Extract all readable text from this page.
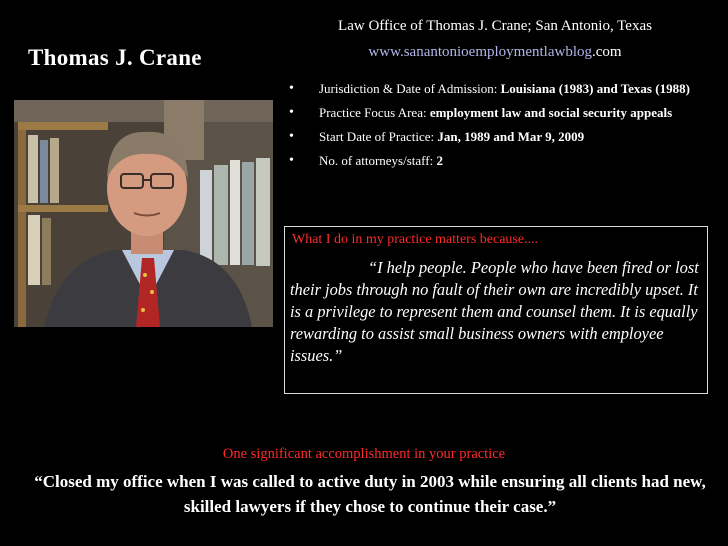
Law Office of Thomas J. Crane; San Antonio, Texas
www.sanantonioemploymentlawblog.com
Thomas J. Crane
• Jurisdiction & Date of Admission: Louisiana (1983) and Texas (1988)
• Practice Focus Area: employment law and social security appeals
• Start Date of Practice: Jan, 1989 and Mar 9, 2009
• No. of attorneys/staff: 2
What I do in my practice matters because....
“I help people. People who have been fired or lost their jobs through no fault of their own are incredibly upset. It is a privilege to represent them and counsel them. It is equally rewarding to assist small business owners with employee issues.”
One significant accomplishment in your practice
“Closed my office when I was called to active duty in 2003 while ensuring all clients had new, skilled lawyers if they chose to continue their case.”
